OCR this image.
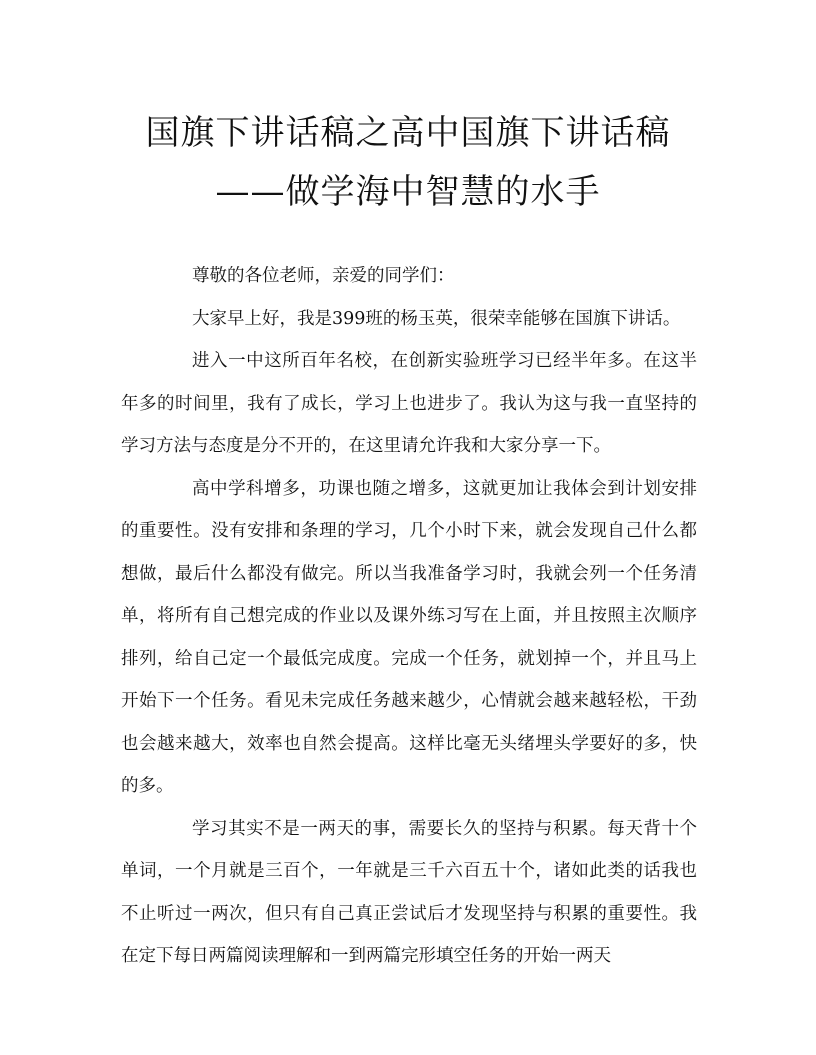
国旗下讲话稿之高中国旗下讲话稿
——做学海中智慧的水手

尊敬的各位老师，亲爱的同学们：

大家早上好，我是399班的杨玉英，很荣幸能够在国旗下讲话。

进入一中这所百年名校，在创新实验班学习已经半年多。在这半年多的时间里，我有了成长，学习上也进步了。我认为这与我一直坚持的学习方法与态度是分不开的，在这里请允许我和大家分享一下。

高中学科增多，功课也随之增多，这就更加让我体会到计划安排的重要性。没有安排和条理的学习，几个小时下来，就会发现自己什么都想做，最后什么都没有做完。所以当我准备学习时，我就会列一个任务清单，将所有自己想完成的作业以及课外练习写在上面，并且按照主次顺序排列，给自己定一个最低完成度。完成一个任务，就划掉一个，并且马上开始下一个任务。看见未完成任务越来越少，心情就会越来越轻松，干劲也会越来越大，效率也自然会提高。这样比毫无头绪埋头学要好的多，快的多。

学习其实不是一两天的事，需要长久的坚持与积累。每天背十个单词，一个月就是三百个，一年就是三千六百五十个，诸如此类的话我也不止听过一两次，但只有自己真正尝试后才发现坚持与积累的重要性。我在定下每日两篇阅读理解和一到两篇完形填空任务的开始一两天
